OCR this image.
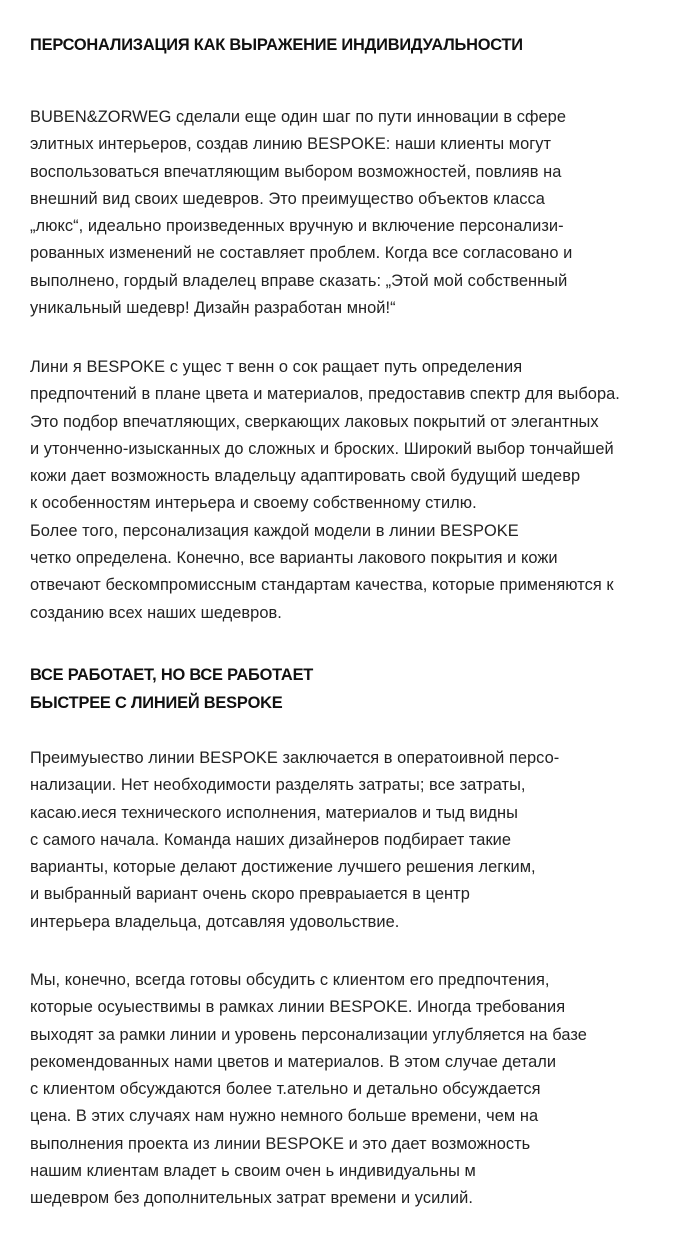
ПЕРСОНАЛИЗАЦИЯ КАК ВЫРАЖЕНИЕ ИНДИВИДУАЛЬНОСТИ

BUBEN&ZORWEG сделали еще один шаг по пути инновации в сфере
элитных интерьеров, создав линию BESPOKE: наши клиенты могут
воспользоваться впечатляющим выбором возможностей, повлияв на
внешний вид своих шедевров. Это преимущество объектов класса
„люкс“, идеально произведенных вручную и включение персонализи-
рованных изменений не составляет проблем. Когда все согласовано и
выполнено, гордый владелец вправе сказать: „Этой мой собственный
уникальный шедевр! Дизайн разработан мной!“

Лини я BESPOKE с ущес т венн о сок ращает путь определения
предпочтений в плане цвета и материалов, предоставив спектр для выбора.
Это подбор впечатляющих, сверкающих лаковых покрытий от элегантных
и утонченно-изысканных до сложных и броских. Широкий выбор тончайшей
кожи дает возможность владельцу адаптировать свой будущий шедевр
к особенностям интерьера и своему собственному стилю.
Более того, персонализация каждой модели в линии BESPOKE
четко определена. Конечно, все варианты лакового покрытия и кожи
отвечают бескомпромиссным стандартам качества, которые применяются к
созданию всех наших шедевров.

ВСЕ РАБОТАЕТ, НО ВСЕ РАБОТАЕТ
БЫСТРЕЕ С ЛИНИЕЙ BESPOKE

Преимуыество линии BESPOKE заключается в оператоивной персо-
нализации. Нет необходимости разделять затраты; все затраты,
касаю.иеся технического исполнения, материалов и тыд видны
с самого начала. Команда наших дизайнеров подбирает такие
варианты, которые делают достижение лучшего решения легким,
и выбранный вариант очень скоро превраыается в центр
интерьера владельца, дотсавляя удовольствие.

Мы, конечно, всегда готовы обсудить с клиентом его предпочтения,
которые осуыествимы в рамках линии BESPOKE. Иногда требования
выходят за рамки линии и уровень персонализации углубляется на базе
рекомендованных нами цветов и материалов. В этом случае детали
с клиентом обсуждаются более т.ательно и детально обсуждается
цена. В этих случаях нам нужно немного больше времени, чем на
выполнения проекта из линии BESPOKE и это дает возможность
нашим клиентам владет ь своим очен ь индивидуальны м
шедевром без дополнительных затрат времени и усилий.
